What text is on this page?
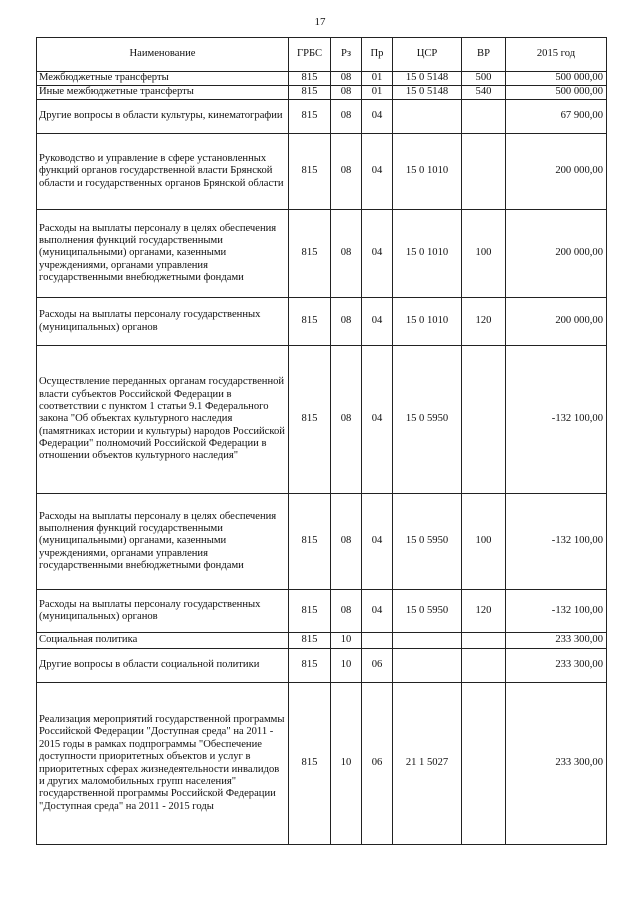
17
Наименование	ГРБС	Рз	Пр	ЦСР	ВР	2015 год
Межбюджетные трансферты	815	08	01	15 0 5148	500	500 000,00
Иные межбюджетные трансферты	815	08	01	15 0 5148	540	500 000,00
Другие вопросы в области культуры, кинематографии	815	08	04			67 900,00
Руководство и управление в сфере установленных функций органов государственной власти Брянской области и государственных органов Брянской области	815	08	04	15 0 1010		200 000,00
Расходы на выплаты персоналу в целях обеспечения выполнения функций государственными (муниципальными) органами, казенными учреждениями, органами управления государственными внебюджетными фондами	815	08	04	15 0 1010	100	200 000,00
Расходы на выплаты персоналу государственных (муниципальных) органов	815	08	04	15 0 1010	120	200 000,00
Осуществление переданных органам государственной власти субъектов Российской Федерации в соответствии с пунктом 1 статьи 9.1 Федерального закона "Об объектах культурного наследия (памятниках истории и культуры) народов Российской Федерации" полномочий Российской Федерации в отношении объектов культурного наследия"	815	08	04	15 0 5950		-132 100,00
Расходы на выплаты персоналу в целях обеспечения выполнения функций государственными (муниципальными) органами, казенными учреждениями, органами управления государственными внебюджетными фондами	815	08	04	15 0 5950	100	-132 100,00
Расходы на выплаты персоналу государственных (муниципальных) органов	815	08	04	15 0 5950	120	-132 100,00
Социальная политика	815	10				233 300,00
Другие вопросы в области социальной политики	815	10	06			233 300,00
Реализация мероприятий государственной программы Российской Федерации "Доступная среда" на 2011 - 2015 годы в рамках подпрограммы "Обеспечение доступности приоритетных объектов и услуг в приоритетных сферах жизнедеятельности инвалидов и других маломобильных групп населения" государственной программы Российской Федерации "Доступная среда" на 2011 - 2015 годы	815	10	06	21 1 5027		233 300,00
